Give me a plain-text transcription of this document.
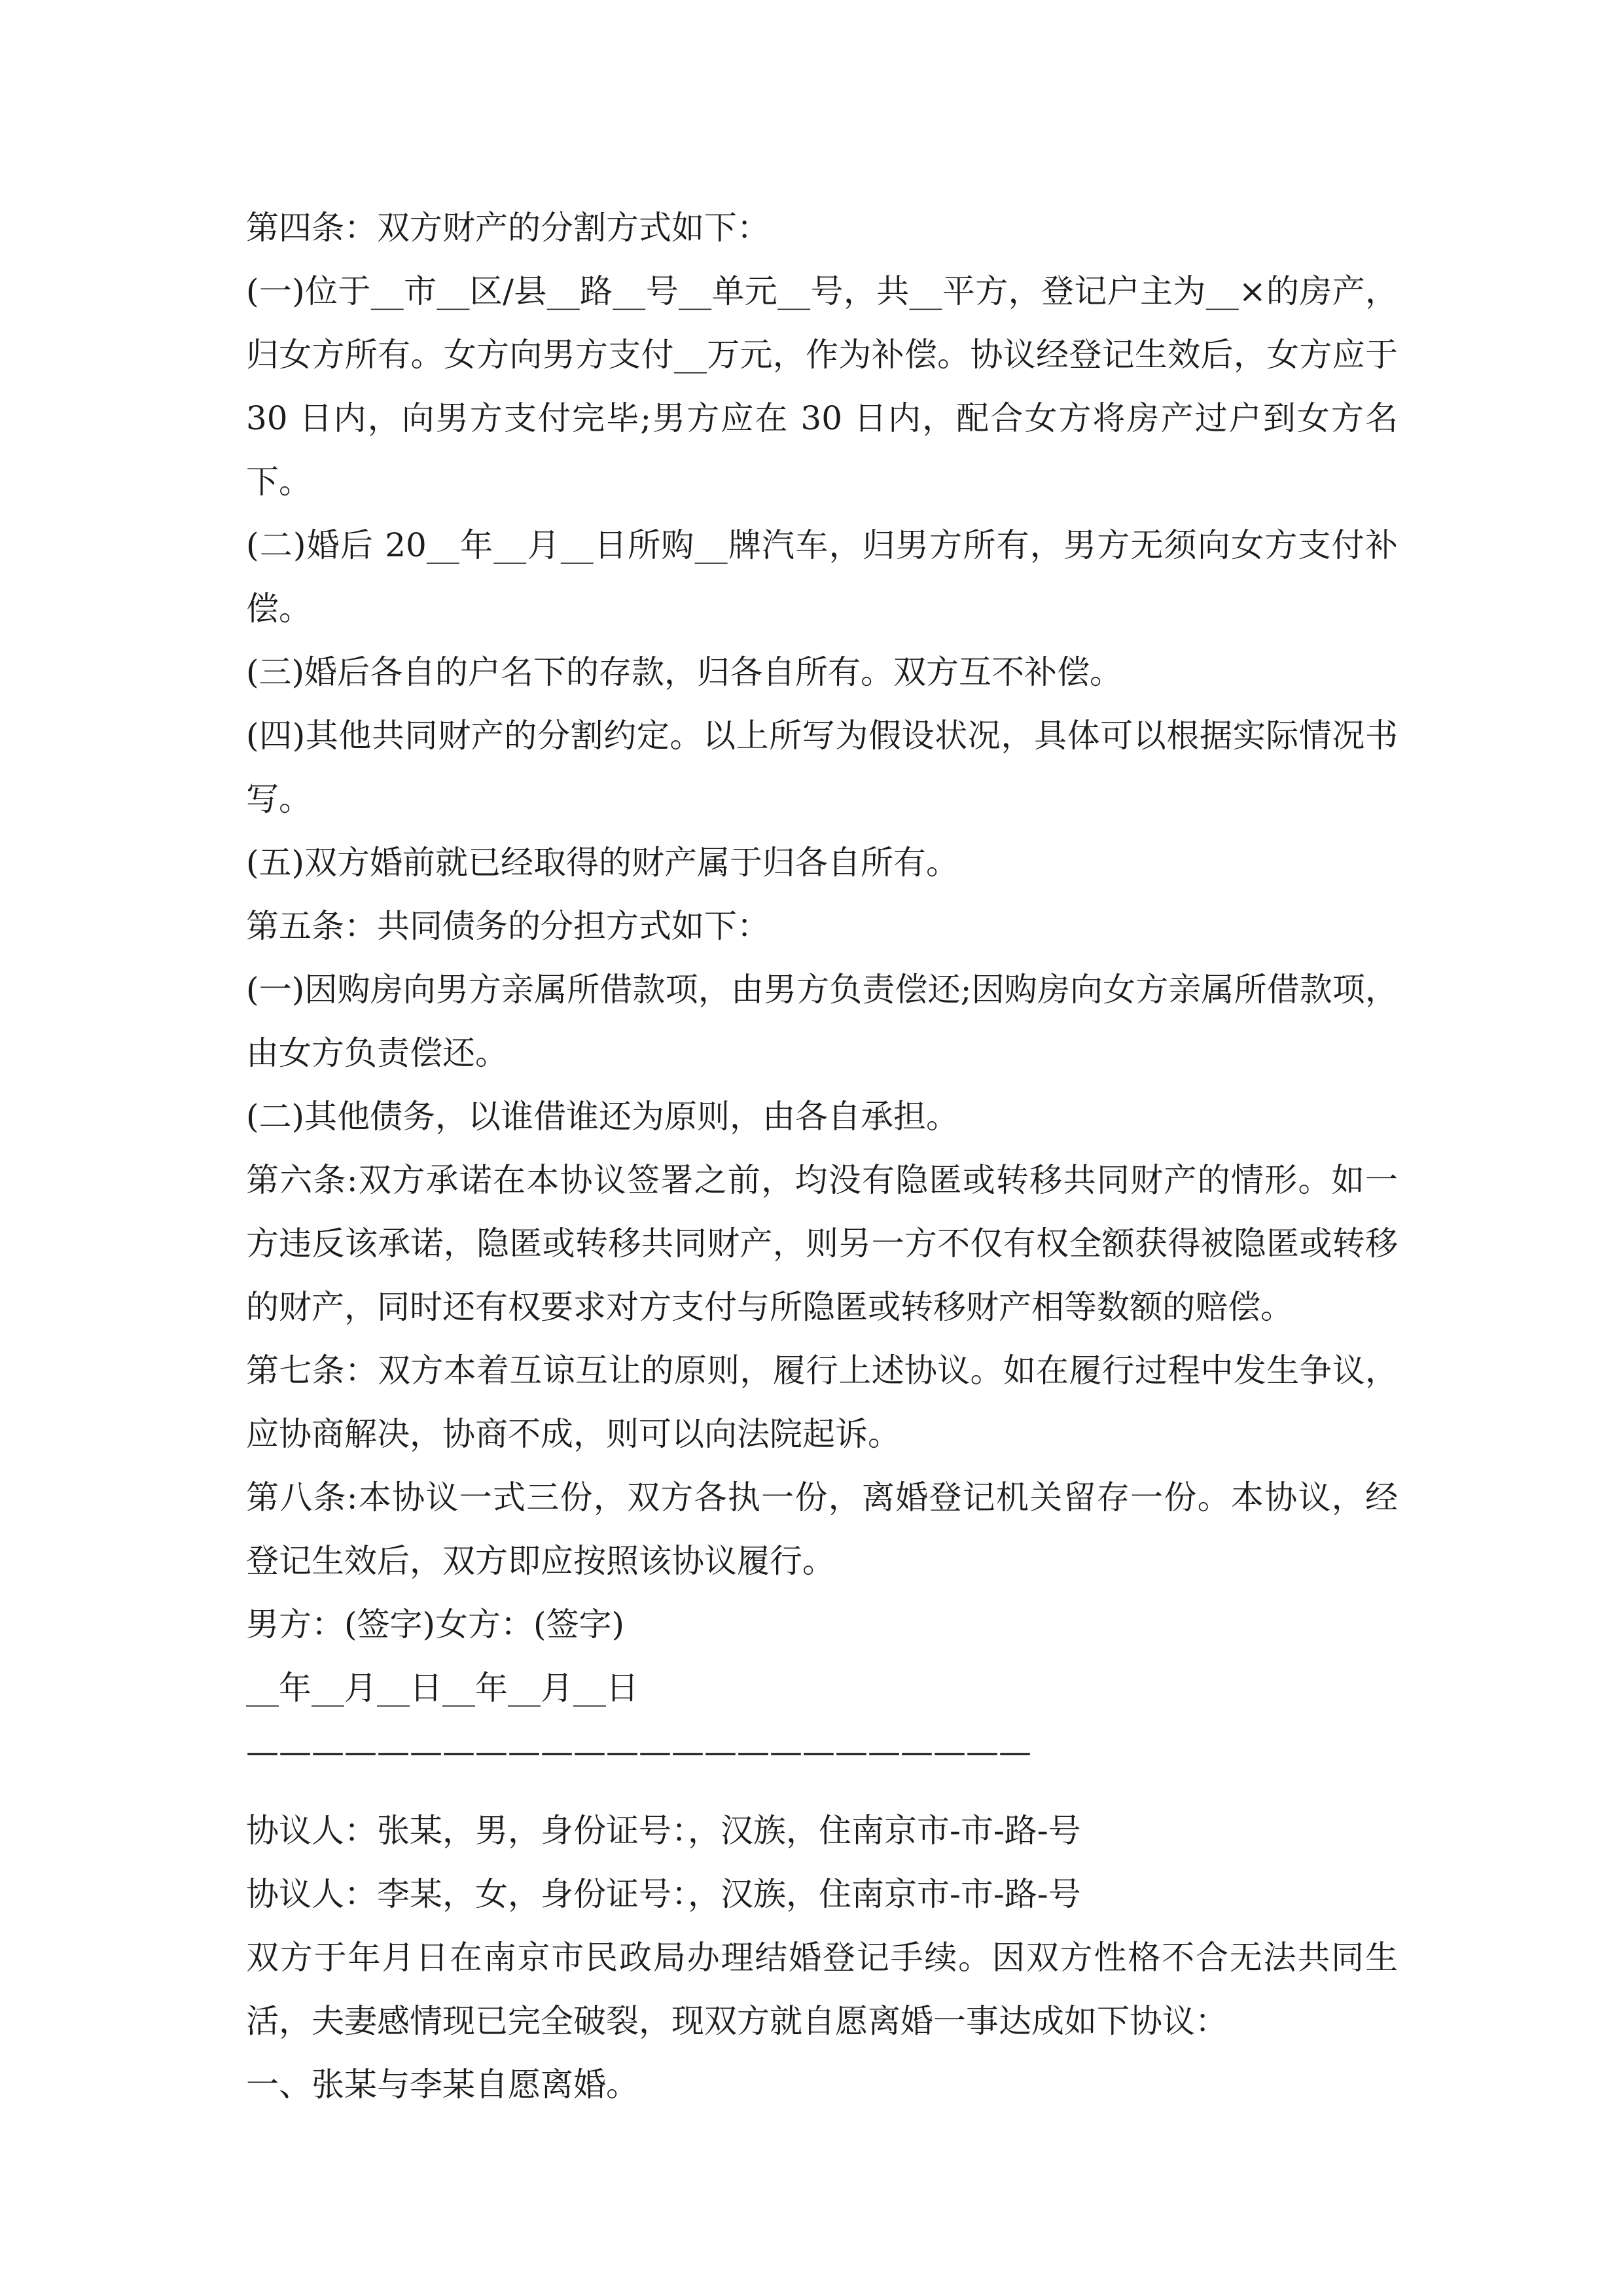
第四条：双方财产的分割方式如下：

(一)位于__市__区/县__路__号__单元__号，共__平方，登记户主为__×的房产，归女方所有。女方向男方支付__万元，作为补偿。协议经登记生效后，女方应于 30 日内，向男方支付完毕;男方应在 30 日内，配合女方将房产过户到女方名下。

(二)婚后 20__年__月__日所购__牌汽车，归男方所有，男方无须向女方支付补偿。

(三)婚后各自的户名下的存款，归各自所有。双方互不补偿。

(四)其他共同财产的分割约定。以上所写为假设状况，具体可以根据实际情况书写。

(五)双方婚前就已经取得的财产属于归各自所有。

第五条：共同债务的分担方式如下：

(一)因购房向男方亲属所借款项，由男方负责偿还;因购房向女方亲属所借款项，由女方负责偿还。

(二)其他债务，以谁借谁还为原则，由各自承担。

第六条:双方承诺在本协议签署之前，均没有隐匿或转移共同财产的情形。如一方违反该承诺，隐匿或转移共同财产，则另一方不仅有权全额获得被隐匿或转移的财产，同时还有权要求对方支付与所隐匿或转移财产相等数额的赔偿。

第七条：双方本着互谅互让的原则，履行上述协议。如在履行过程中发生争议，应协商解决，协商不成，则可以向法院起诉。

第八条:本协议一式三份，双方各执一份，离婚登记机关留存一份。本协议，经登记生效后，双方即应按照该协议履行。

男方：(签字)女方：(签字)

__年__月__日__年__月__日

————————————————————————

协议人：张某，男，身份证号：，汉族，住南京市-市-路-号

协议人：李某，女，身份证号：，汉族，住南京市-市-路-号

双方于年月日在南京市民政局办理结婚登记手续。因双方性格不合无法共同生活，夫妻感情现已完全破裂，现双方就自愿离婚一事达成如下协议：

一、张某与李某自愿离婚。
